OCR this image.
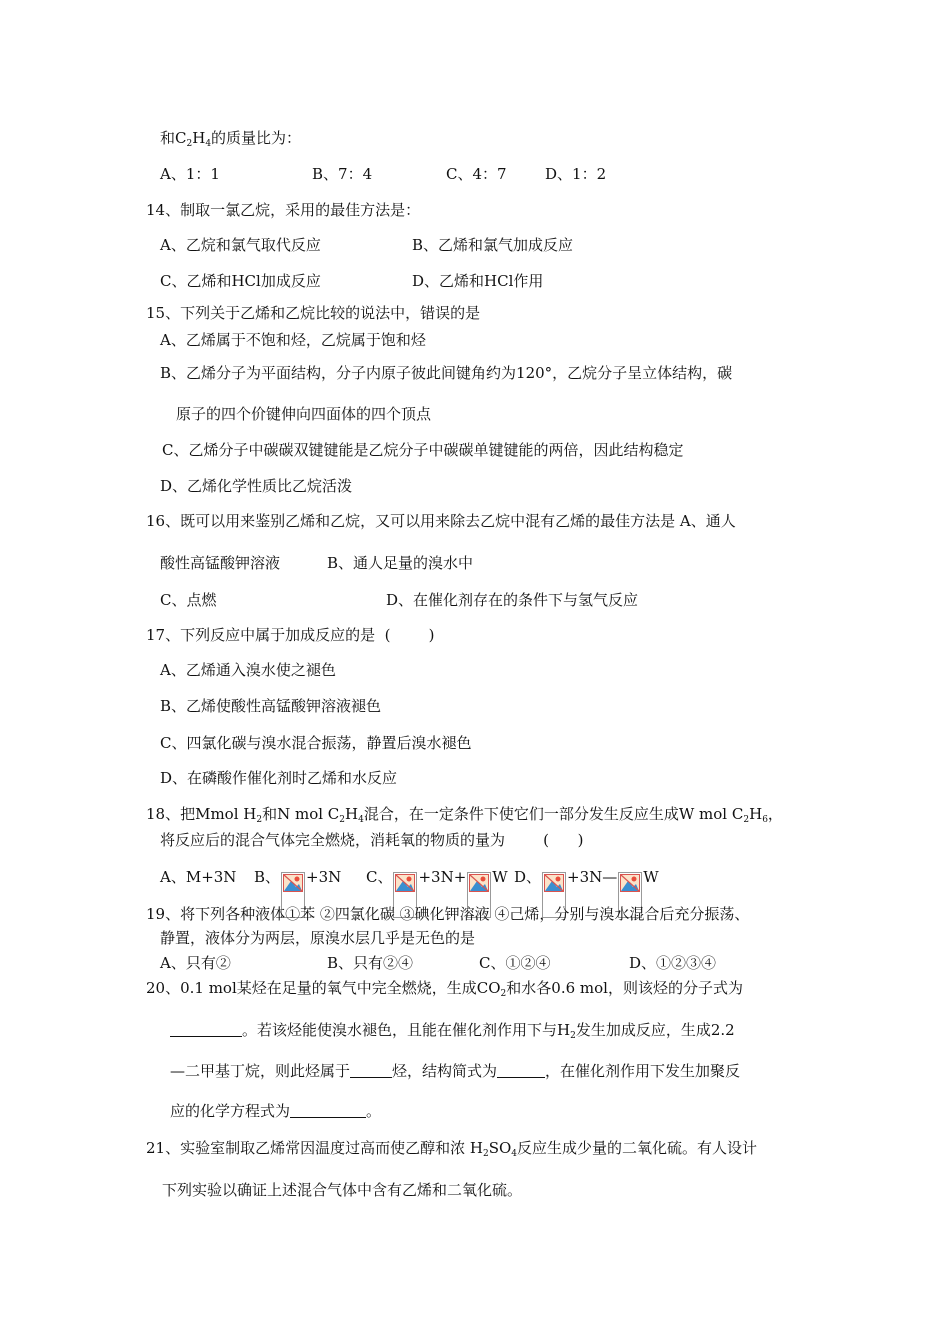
和$C_2H_4$的质量比为：
A、1：1	B、7：4	C、4：7	D、1：2
14、制取一氯乙烷，采用的最佳方法是：
A、乙烷和氯气取代反应	B、乙烯和氯气加成反应
C、乙烯和HCl加成反应	D、乙烯和HCl作用
15、下列关于乙烯和乙烷比较的说法中，错误的是
A、乙烯属于不饱和烃，乙烷属于饱和烃
B、乙烯分子为平面结构，分子内原子彼此间键角约为120°，乙烷分子呈立体结构，碳
原子的四个价键伸向四面体的四个顶点
C、乙烯分子中碳碳双键键能是乙烷分子中碳碳单键键能的两倍，因此结构稳定
D、乙烯化学性质比乙烷活泼
16、既可以用来鉴别乙烯和乙烷，又可以用来除去乙烷中混有乙烯的最佳方法是 A、通人
酸性高锰酸钾溶液	B、通人足量的溴水中
C、点燃	D、在催化剂存在的条件下与氢气反应
17、下列反应中属于加成反应的是  (        )
A、乙烯通入溴水使之褪色
B、乙烯使酸性高锰酸钾溶液褪色
C、四氯化碳与溴水混合振荡，静置后溴水褪色
D、在磷酸作催化剂时乙烯和水反应
18、把Mmol $H_2$和N mol $C_2H_4$混合，在一定条件下使它们一部分发生反应生成W mol $C_2H_6$，
将反应后的混合气体完全燃烧，消耗氧的物质的量为        (      )
A、M+3N B、 +3N C、 +3N+ W D、 +3N— W
19、将下列各种液体①苯 ②四氯化碳 ③碘化钾溶液 ④己烯，分别与溴水混合后充分振荡、
静置，液体分为两层，原溴水层几乎是无色的是
A、只有②	B、只有②④	C、①②④	D、①②③④
20、0.1 mol某烃在足量的氧气中完全燃烧，生成$CO_2$和水各0.6 mol，则该烃的分子式为
。若该烃能使溴水褪色，且能在催化剂作用下与$H_2$发生加成反应，生成2.2
—二甲基丁烷，则此烃属于	烃，结构简式为	，在催化剂作用下发生加聚反
应的化学方程式为	。
21、实验室制取乙烯常因温度过高而使乙醇和浓 $H_2SO_4$反应生成少量的二氧化硫。有人设计
下列实验以确证上述混合气体中含有乙烯和二氧化硫。
